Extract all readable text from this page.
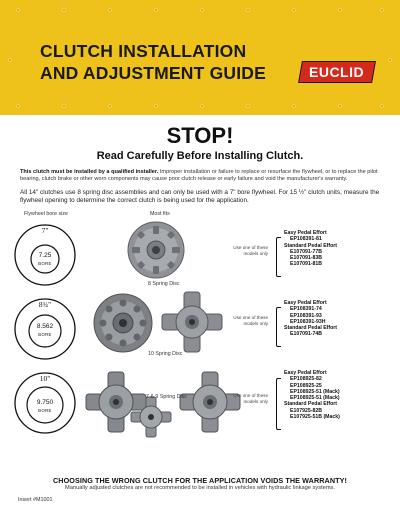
CLUTCH INSTALLATION
AND ADJUSTMENT GUIDE	EUCLID
STOP!
Read Carefully Before Installing Clutch.
This clutch must be installed by a qualified installer. Improper installation or failure to replace or resurface the flywheel, or to replace the pilot bearing, clutch brake or other worn components may cause poor clutch release or early failure and void the manufacturer's warranty.
All 14" clutches use 8 spring disc assemblies and can only be used with a 7" bore flywheel. For 15 ½" clutch units, measure the flywheel opening to determine the correct clutch is being used for the application.
Flywheel bore size	Most fits
7"
7.25
BORE
8¾"
8.562
BORE
10"
9.750
BORE
8 Spring Disc
10 Spring Disc
7 & 9 Spring Disc
Use one of these models only
Easy Pedal Effort
EP108391-81
Standard Pedal Effort
E107091-77B
E107091-83B
E107091-81B
Use one of these models only
Easy Pedal Effort
EP108391-74
EP108391-93
EP108391-93H
Standard Pedal Effort
E107091-74B
Use one of these models only
Easy Pedal Effort
EP108925-82
EP108925-25
EP108925-51 (Mack)
EP108925-51 (Mack)
Standard Pedal Effort
E107925-82B
E107925-51B (Mack)
CHOOSING THE WRONG CLUTCH FOR THE APPLICATION VOIDS THE WARRANTY!
Manually adjusted clutches are not recommended to be installed in vehicles with hydraulic linkage systems.
Insert #M1001
